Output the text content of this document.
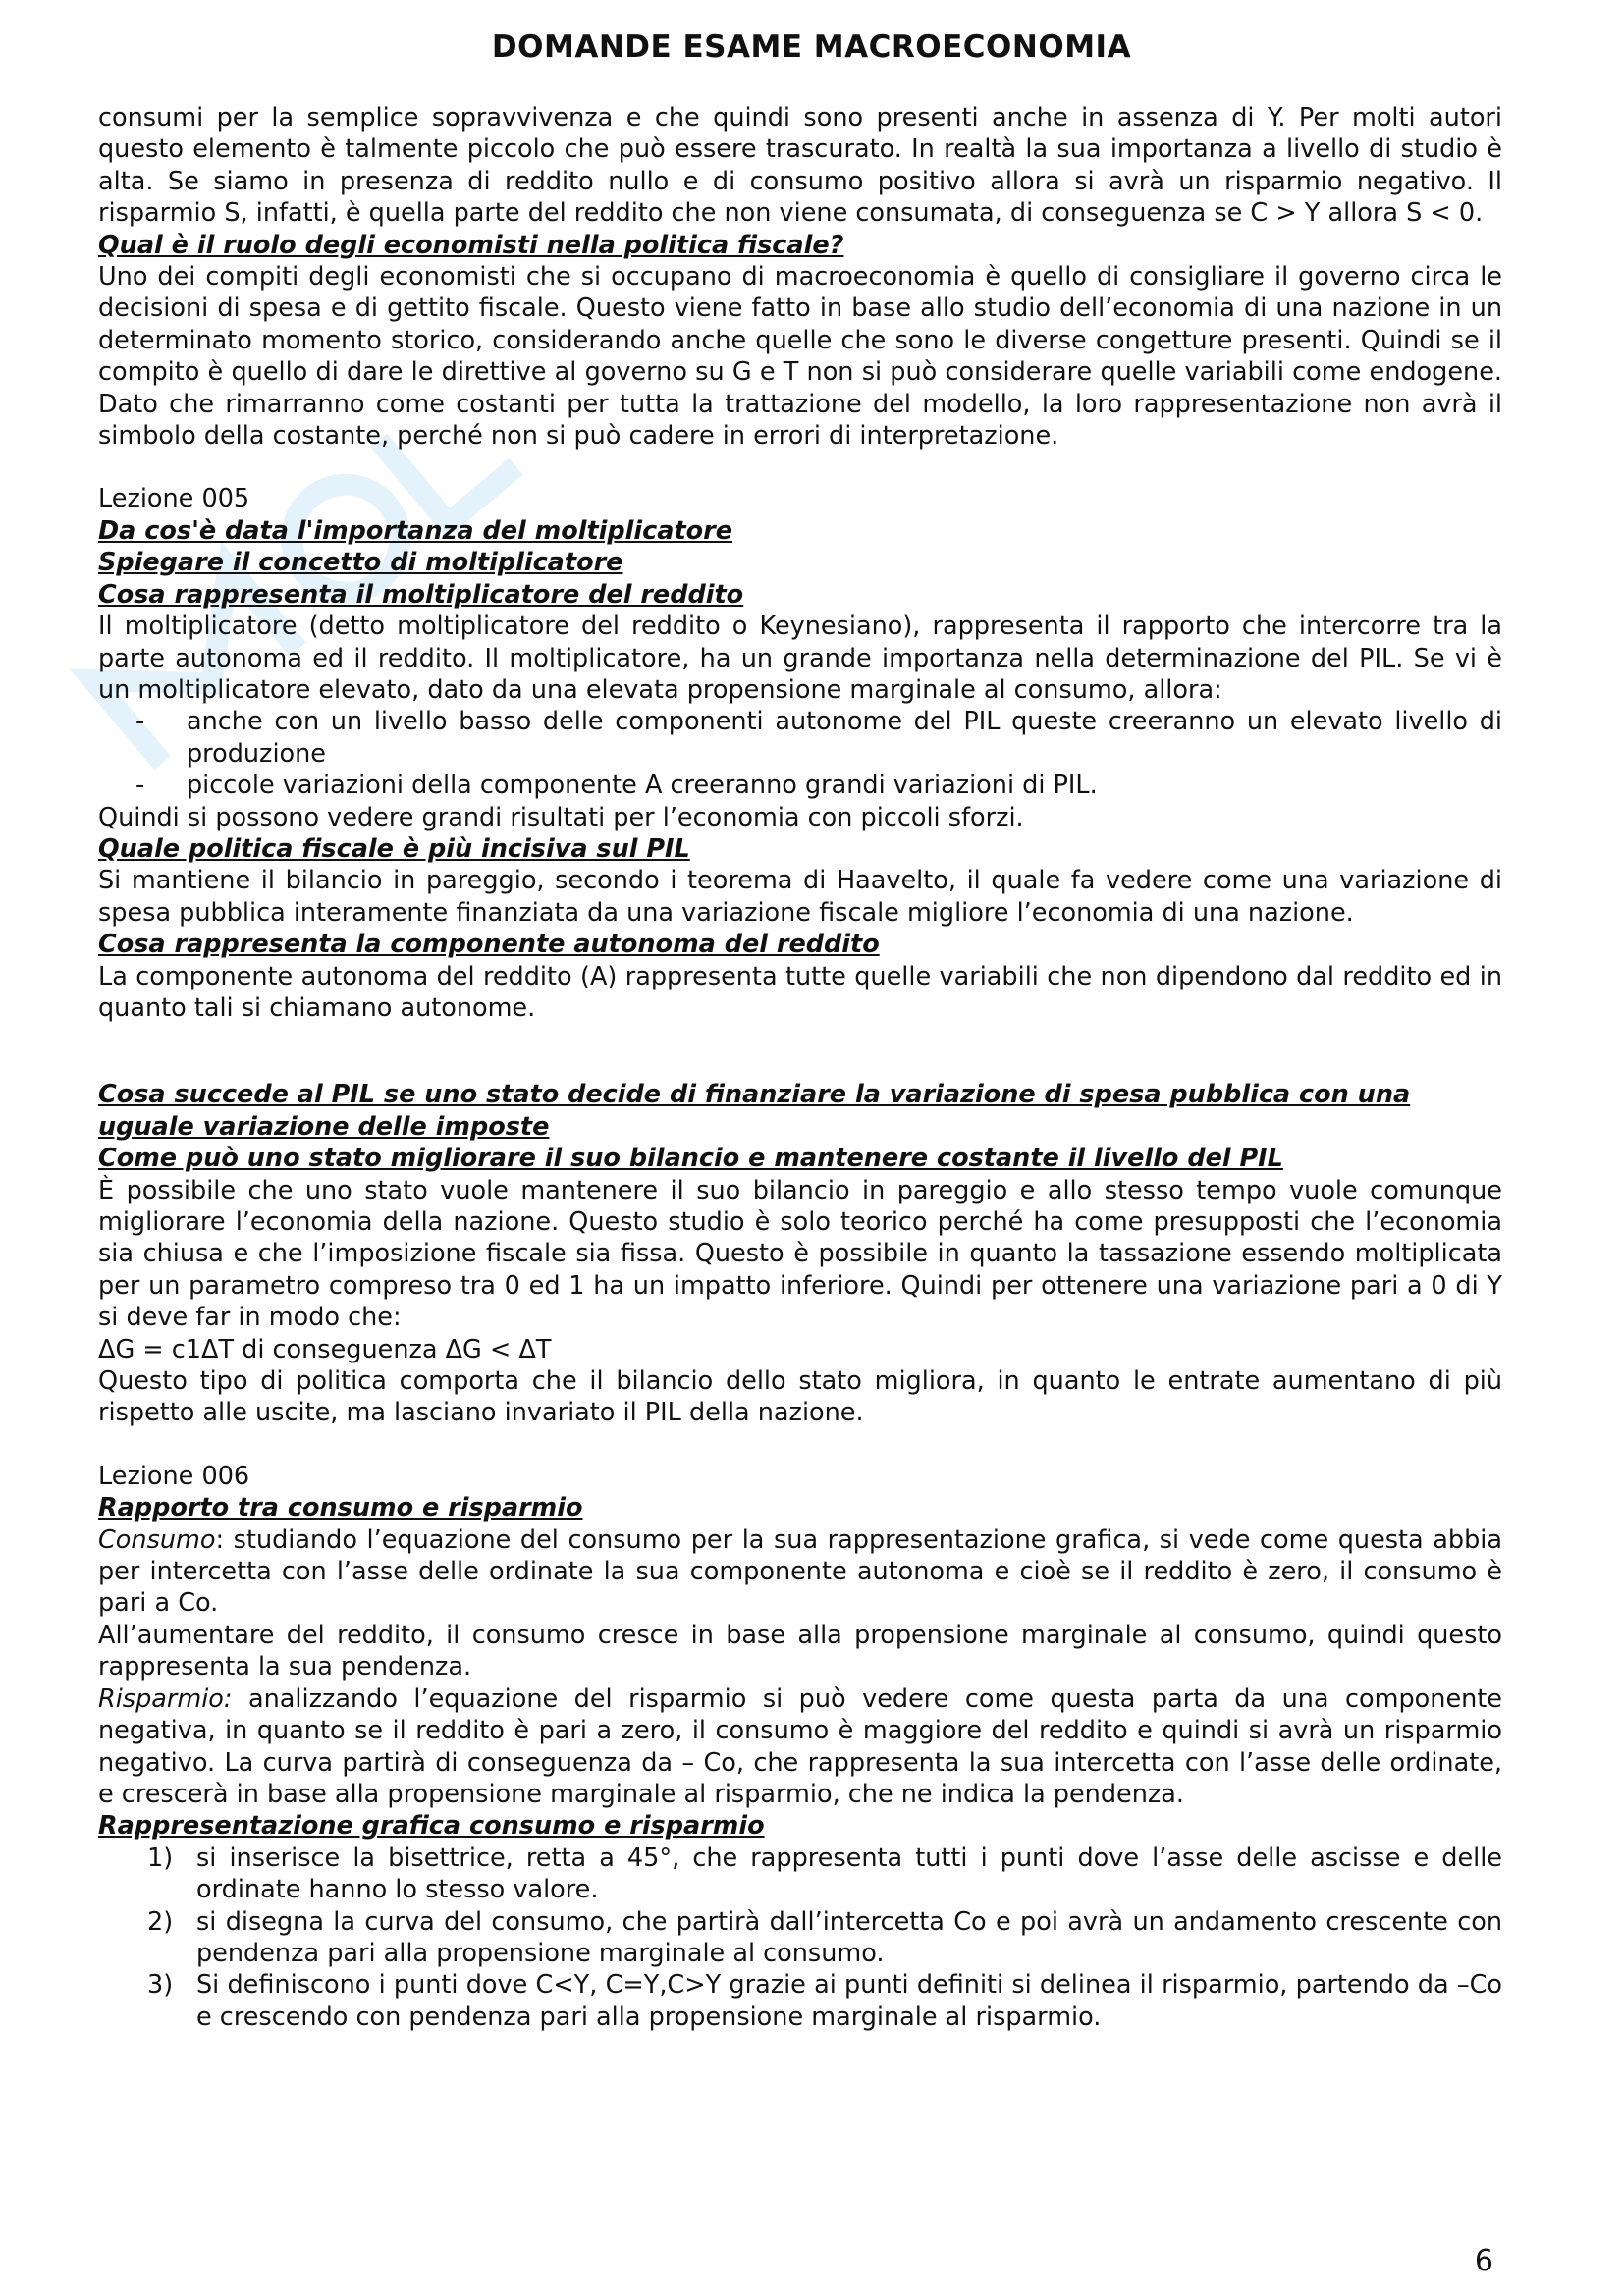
DOMANDE ESAME MACROECONOMIA

consumi per la semplice sopravvivenza e che quindi sono presenti anche in assenza di Y. Per molti autori questo elemento è talmente piccolo che può essere trascurato. In realtà la sua importanza a livello di studio è alta. Se siamo in presenza di reddito nullo e di consumo positivo allora si avrà un risparmio negativo. Il risparmio S, infatti, è quella parte del reddito che non viene consumata, di conseguenza se C > Y allora S < 0.

Qual è il ruolo degli economisti nella politica fiscale?

Uno dei compiti degli economisti che si occupano di macroeconomia è quello di consigliare il governo circa le decisioni di spesa e di gettito fiscale. Questo viene fatto in base allo studio dell’economia di una nazione in un determinato momento storico, considerando anche quelle che sono le diverse congetture presenti. Quindi se il compito è quello di dare le direttive al governo su G e T non si può considerare quelle variabili come endogene. Dato che rimarranno come costanti per tutta la trattazione del modello, la loro rappresentazione non avrà il simbolo della costante, perché non si può cadere in errori di interpretazione.

Lezione 005
Da cos'è data l'importanza del moltiplicatore
Spiegare il concetto di moltiplicatore
Cosa rappresenta il moltiplicatore del reddito

Il moltiplicatore (detto moltiplicatore del reddito o Keynesiano), rappresenta il rapporto che intercorre tra la parte autonoma ed il reddito. Il moltiplicatore, ha un grande importanza nella determinazione del PIL. Se vi è un moltiplicatore elevato, dato da una elevata propensione marginale al consumo, allora:

- anche con un livello basso delle componenti autonome del PIL queste creeranno un elevato livello di produzione
- piccole variazioni della componente A creeranno grandi variazioni di PIL.

Quindi si possono vedere grandi risultati per l’economia con piccoli sforzi.

Quale politica fiscale è più incisiva sul PIL

Si mantiene il bilancio in pareggio, secondo i teorema di Haavelto, il quale fa vedere come una variazione di spesa pubblica interamente finanziata da una variazione fiscale migliore l’economia di una nazione.

Cosa rappresenta la componente autonoma del reddito

La componente autonoma del reddito (A) rappresenta tutte quelle variabili che non dipendono dal reddito ed in quanto tali si chiamano autonome.

Cosa succede al PIL se uno stato decide di finanziare la variazione di spesa pubblica con una uguale variazione delle imposte
Come può uno stato migliorare il suo bilancio e mantenere costante il livello del PIL

È possibile che uno stato vuole mantenere il suo bilancio in pareggio e allo stesso tempo vuole comunque migliorare l’economia della nazione. Questo studio è solo teorico perché ha come presupposti che l’economia sia chiusa e che l’imposizione fiscale sia fissa. Questo è possibile in quanto la tassazione essendo moltiplicata per un parametro compreso tra 0 ed 1 ha un impatto inferiore. Quindi per ottenere una variazione pari a 0 di Y si deve far in modo che:

ΔG = c1ΔT di conseguenza ΔG < ΔT

Questo tipo di politica comporta che il bilancio dello stato migliora, in quanto le entrate aumentano di più rispetto alle uscite, ma lasciano invariato il PIL della nazione.

Lezione 006
Rapporto tra consumo e risparmio

Consumo: studiando l’equazione del consumo per la sua rappresentazione grafica, si vede come questa abbia per intercetta con l’asse delle ordinate la sua componente autonoma e cioè se il reddito è zero, il consumo è pari a Co.

All’aumentare del reddito, il consumo cresce in base alla propensione marginale al consumo, quindi questo rappresenta la sua pendenza.

Risparmio: analizzando l’equazione del risparmio si può vedere come questa parta da una componente negativa, in quanto se il reddito è pari a zero, il consumo è maggiore del reddito e quindi si avrà un risparmio negativo. La curva partirà di conseguenza da – Co, che rappresenta la sua intercetta con l’asse delle ordinate, e crescerà in base alla propensione marginale al risparmio, che ne indica la pendenza.

Rappresentazione grafica consumo e risparmio
1) si inserisce la bisettrice, retta a 45°, che rappresenta tutti i punti dove l’asse delle ascisse e delle ordinate hanno lo stesso valore.
2) si disegna la curva del consumo, che partirà dall’intercetta Co e poi avrà un andamento crescente con pendenza pari alla propensione marginale al consumo.
3) Si definiscono i punti dove C<Y, C=Y,C>Y grazie ai punti definiti si delinea il risparmio, partendo da –Co e crescendo con pendenza pari alla propensione marginale al risparmio.
6
